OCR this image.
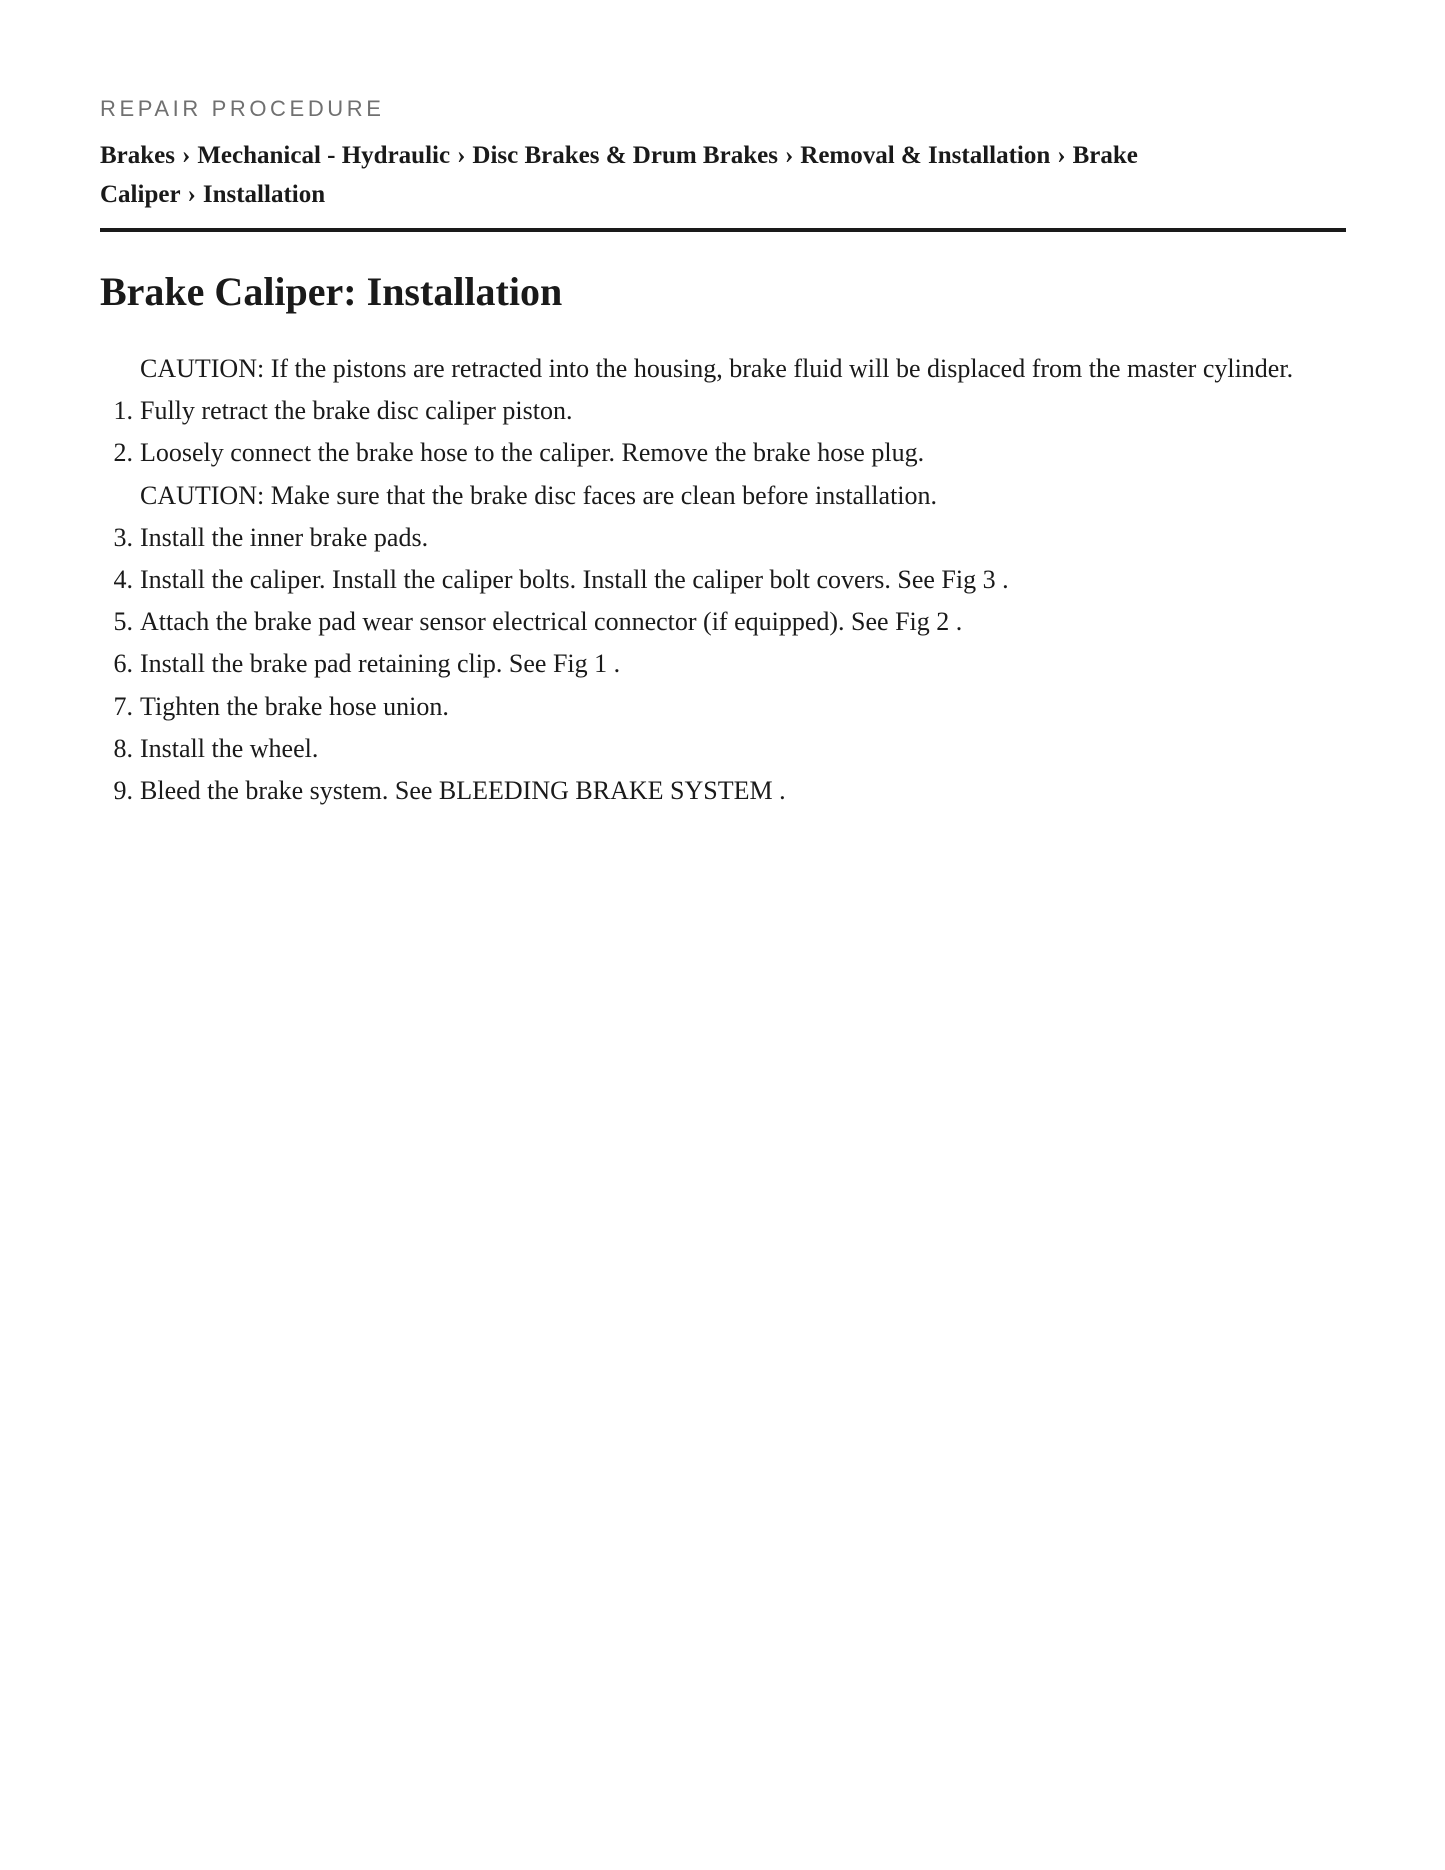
REPAIR PROCEDURE
Brakes › Mechanical - Hydraulic › Disc Brakes & Drum Brakes › Removal & Installation › Brake Caliper › Installation
Brake Caliper: Installation
CAUTION: If the pistons are retracted into the housing, brake fluid will be displaced from the master cylinder.
1. Fully retract the brake disc caliper piston.
2. Loosely connect the brake hose to the caliper. Remove the brake hose plug.
CAUTION: Make sure that the brake disc faces are clean before installation.
3. Install the inner brake pads.
4. Install the caliper. Install the caliper bolts. Install the caliper bolt covers. See Fig 3 .
5. Attach the brake pad wear sensor electrical connector (if equipped). See Fig 2 .
6. Install the brake pad retaining clip. See Fig 1 .
7. Tighten the brake hose union.
8. Install the wheel.
9. Bleed the brake system. See BLEEDING BRAKE SYSTEM .
